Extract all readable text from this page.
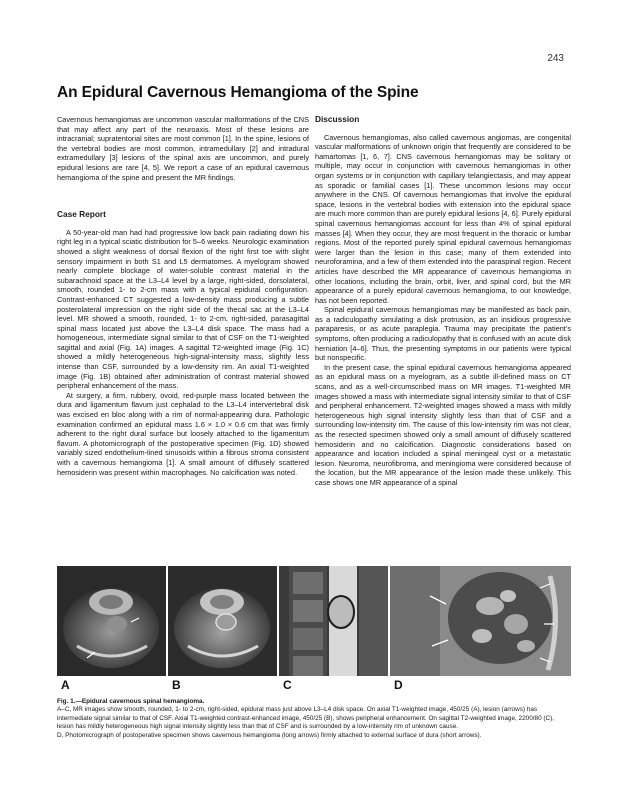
243
An Epidural Cavernous Hemangioma of the Spine

Cavernous hemangiomas are uncommon vascular malformations of the CNS that may affect any part of the neuroaxis. Most of these lesions are intracranial; supratentorial sites are most common [1]. In the spine, lesions of the vertebral bodies are most common, intramedullary [2] and intradural extramedullary [3] lesions of the spinal axis are uncommon, and purely epidural lesions are rare [4, 5]. We report a case of an epidural cavernous hemangioma of the spine and present the MR findings.

Case Report

A 50-year-old man had had progressive low back pain radiating down his right leg in a typical sciatic distribution for 5–6 weeks. Neurologic examination showed a slight weakness of dorsal flexion of the right first toe with slight sensory impairment in both S1 and L5 dermatomes. A myelogram showed nearly complete blockage of water-soluble contrast material in the subarachnoid space at the L3–L4 level by a large, right-sided, dorsolateral, smooth, rounded 1- to 2-cm mass with a typical epidural configuration. Contrast-enhanced CT suggested a low-density mass producing a subtle posterolateral impression on the right side of the thecal sac at the L3–L4 level. MR showed a smooth, rounded, 1- to 2-cm, right-sided, parasagittal spinal mass located just above the L3–L4 disk space. The mass had a homogeneous, intermediate signal similar to that of CSF on the T1-weighted sagittal and axial (Fig. 1A) images. A sagittal T2-weighted image (Fig. 1C) showed a mildly heterogeneous high-signal-intensity mass, slightly less intense than CSF, surrounded by a low-density rim. An axial T1-weighted image (Fig. 1B) obtained after administration of contrast material showed peripheral enhancement of the mass.

At surgery, a firm, rubbery, ovoid, red-purple mass located between the dura and ligamentum flavum just cephalad to the L3–L4 intervertebral disk was excised en bloc along with a rim of normal-appearing dura. Pathologic examination confirmed an epidural mass 1.6 × 1.0 × 0.6 cm that was firmly adherent to the right dural surface but loosely attached to the ligamentum flavum. A photomicrograph of the postoperative specimen (Fig. 1D) showed variably sized endothelium-lined sinusoids within a fibrous stroma consistent with a cavernous hemangioma [1]. A small amount of diffusely scattered hemosiderin was present within macrophages. No calcification was noted.

Discussion

Cavernous hemangiomas, also called cavernous angiomas, are congenital vascular malformations of unknown origin that frequently are considered to be hamartomas [1, 6, 7]. CNS cavernous hemangiomas may be solitary or multiple, may occur in conjunction with cavernous hemangiomas in other organ systems or in conjunction with capillary telangiectasis, and may appear as sporadic or familial cases [1]. These uncommon lesions may occur anywhere in the CNS. Of cavernous hemangiomas that involve the epidural space, lesions in the vertebral bodies with extension into the epidural space are much more common than are purely epidural lesions [4, 6]. Purely epidural spinal cavernous hemangiomas account for less than 4% of spinal epidural masses [4]. When they occur, they are most frequent in the thoracic or lumbar regions. Most of the reported purely spinal epidural cavernous hemangiomas were larger than the lesion in this case; many of them extended into neuroforamina, and a few of them extended into the paraspinal region. Recent articles have described the MR appearance of cavernous hemangioma in other locations, including the brain, orbit, liver, and spinal cord, but the MR appearance of a purely epidural cavernous hemangioma, to our knowledge, has not been reported.

Spinal epidural cavernous hemangiomas may be manifested as back pain, as a radiculopathy simulating a disk protrusion, as an insidious progressive paraparesis, or as acute paraplegia. Trauma may precipitate the patient’s symptoms, often producing a radiculopathy that is confused with an acute disk herniation [4–6]. Thus, the presenting symptoms in our patients were typical but nonspecific.

In the present case, the spinal epidural cavernous hemangioma appeared as an epidural mass on a myelogram, as a subtle ill-defined mass on CT scans, and as a well-circumscribed mass on MR images. T1-weighted MR images showed a mass with intermediate signal intensity similar to that of CSF and peripheral enhancement. T2-weighted images showed a mass with mildly heterogeneous high signal intensity slightly less than that of CSF and a surrounding low-intensity rim. The cause of this low-intensity rim was not clear, as the resected specimen showed only a small amount of diffusely scattered hemosiderin and no calcification. Diagnostic considerations based on appearance and location included a spinal meningeal cyst or a metastatic lesion. Neuroma, neurofibroma, and meningioma were considered because of the location, but the MR appearance of the lesion made these unlikely. This case shows one MR appearance of a spinal

A	B	C	D

Fig. 1.—Epidural cavernous spinal hemangioma.

A–C, MR images show smooth, rounded, 1- to 2-cm, right-sided, epidural mass just above L3–L4 disk space. On axial T1-weighted image, 450/25 (A), lesion (arrows) has intermediate signal similar to that of CSF. Axial T1-weighted contrast-enhanced image, 450/25 (B), shows peripheral enhancement. On sagittal T2-weighted image, 2200/80 (C), lesion has mildly heterogeneous high signal intensity slightly less than that of CSF and is surrounded by a low-intensity rim of unknown cause.

D, Photomicrograph of postoperative specimen shows cavernous hemangioma (long arrows) firmly attached to external surface of dura (short arrows).
